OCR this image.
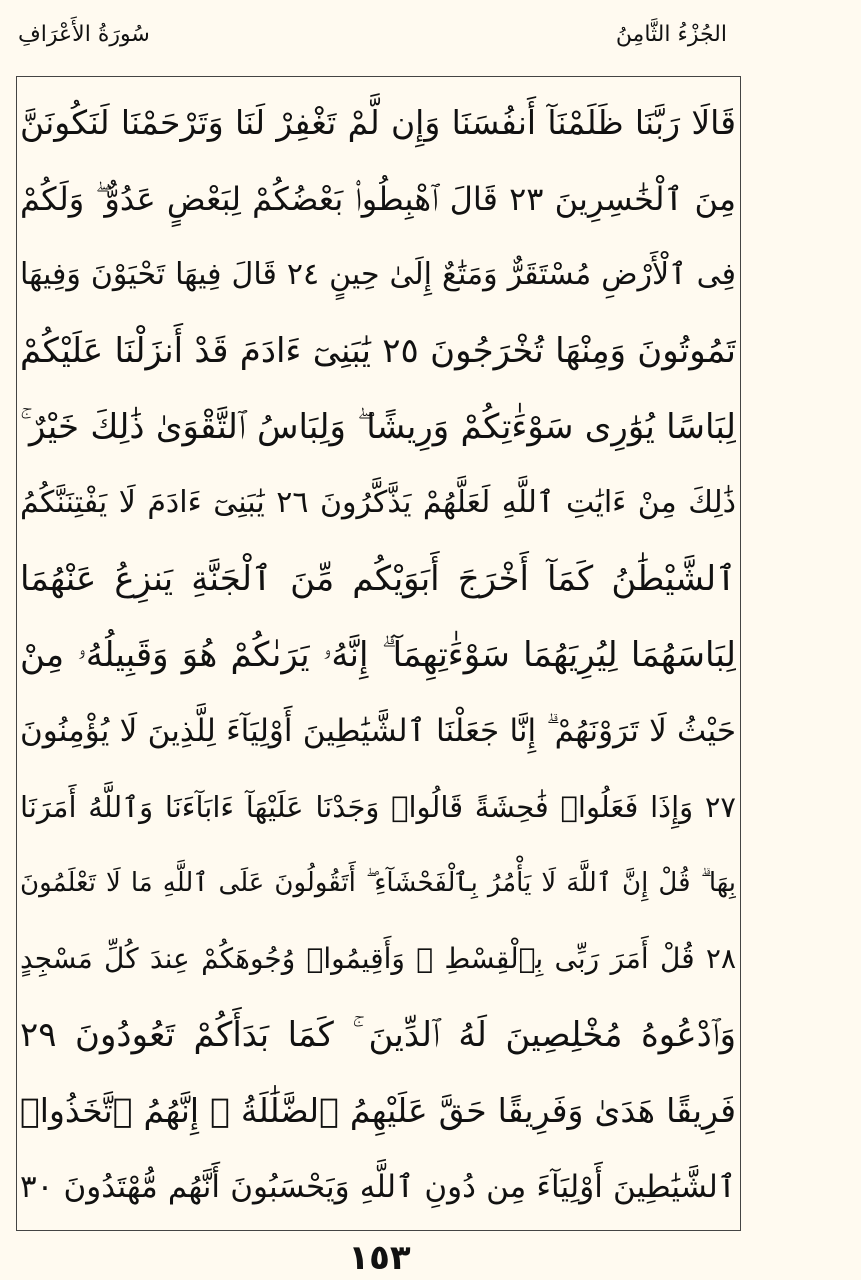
سُورَةُ الأَعْرَافِ	الجُزْءُ الثَّامِنُ
قَالَا رَبَّنَا ظَلَمْنَآ أَنفُسَنَا وَإِن لَّمْ تَغْفِرْ لَنَا وَتَرْحَمْنَا لَنَكُونَنَّ
مِنَ ٱلْخَٰسِرِينَ ٢٣ قَالَ ٱهْبِطُوا۟ بَعْضُكُمْ لِبَعْضٍ عَدُوٌّ ۖ وَلَكُمْ
فِى ٱلْأَرْضِ مُسْتَقَرٌّ وَمَتَٰعٌ إِلَىٰ حِينٍ ٢٤ قَالَ فِيهَا تَحْيَوْنَ وَفِيهَا
تَمُوتُونَ وَمِنْهَا تُخْرَجُونَ ٢٥ يَٰبَنِىٓ ءَادَمَ قَدْ أَنزَلْنَا عَلَيْكُمْ
لِبَاسًا يُوَٰرِى سَوْءَٰتِكُمْ وَرِيشًا ۖ وَلِبَاسُ ٱلتَّقْوَىٰ ذَٰلِكَ خَيْرٌ ۚ
ذَٰلِكَ مِنْ ءَايَٰتِ ٱللَّهِ لَعَلَّهُمْ يَذَّكَّرُونَ ٢٦ يَٰبَنِىٓ ءَادَمَ لَا يَفْتِنَنَّكُمُ
ٱلشَّيْطَٰنُ كَمَآ أَخْرَجَ أَبَوَيْكُم مِّنَ ٱلْجَنَّةِ يَنزِعُ عَنْهُمَا
لِبَاسَهُمَا لِيُرِيَهُمَا سَوْءَٰتِهِمَآ ۗ إِنَّهُۥ يَرَىٰكُمْ هُوَ وَقَبِيلُهُۥ مِنْ
حَيْثُ لَا تَرَوْنَهُمْ ۗ إِنَّا جَعَلْنَا ٱلشَّيَٰطِينَ أَوْلِيَآءَ لِلَّذِينَ لَا يُؤْمِنُونَ
٢٧ وَإِذَا فَعَلُوا۟ فَٰحِشَةً قَالُوا۟ وَجَدْنَا عَلَيْهَآ ءَابَآءَنَا وَٱللَّهُ أَمَرَنَا
بِهَا ۗ قُلْ إِنَّ ٱللَّهَ لَا يَأْمُرُ بِٱلْفَحْشَآءِ ۖ أَتَقُولُونَ عَلَى ٱللَّهِ مَا لَا تَعْلَمُونَ
٢٨ قُلْ أَمَرَ رَبِّى بِٱلْقِسْطِ ۖ وَأَقِيمُوا۟ وُجُوهَكُمْ عِندَ كُلِّ مَسْجِدٍ
وَٱدْعُوهُ مُخْلِصِينَ لَهُ ٱلدِّينَ ۚ كَمَا بَدَأَكُمْ تَعُودُونَ ٢٩
فَرِيقًا هَدَىٰ وَفَرِيقًا حَقَّ عَلَيْهِمُ ٱلضَّلَٰلَةُ ۗ إِنَّهُمُ ٱتَّخَذُوا۟
ٱلشَّيَٰطِينَ أَوْلِيَآءَ مِن دُونِ ٱللَّهِ وَيَحْسَبُونَ أَنَّهُم مُّهْتَدُونَ ٣٠
١٥٣
